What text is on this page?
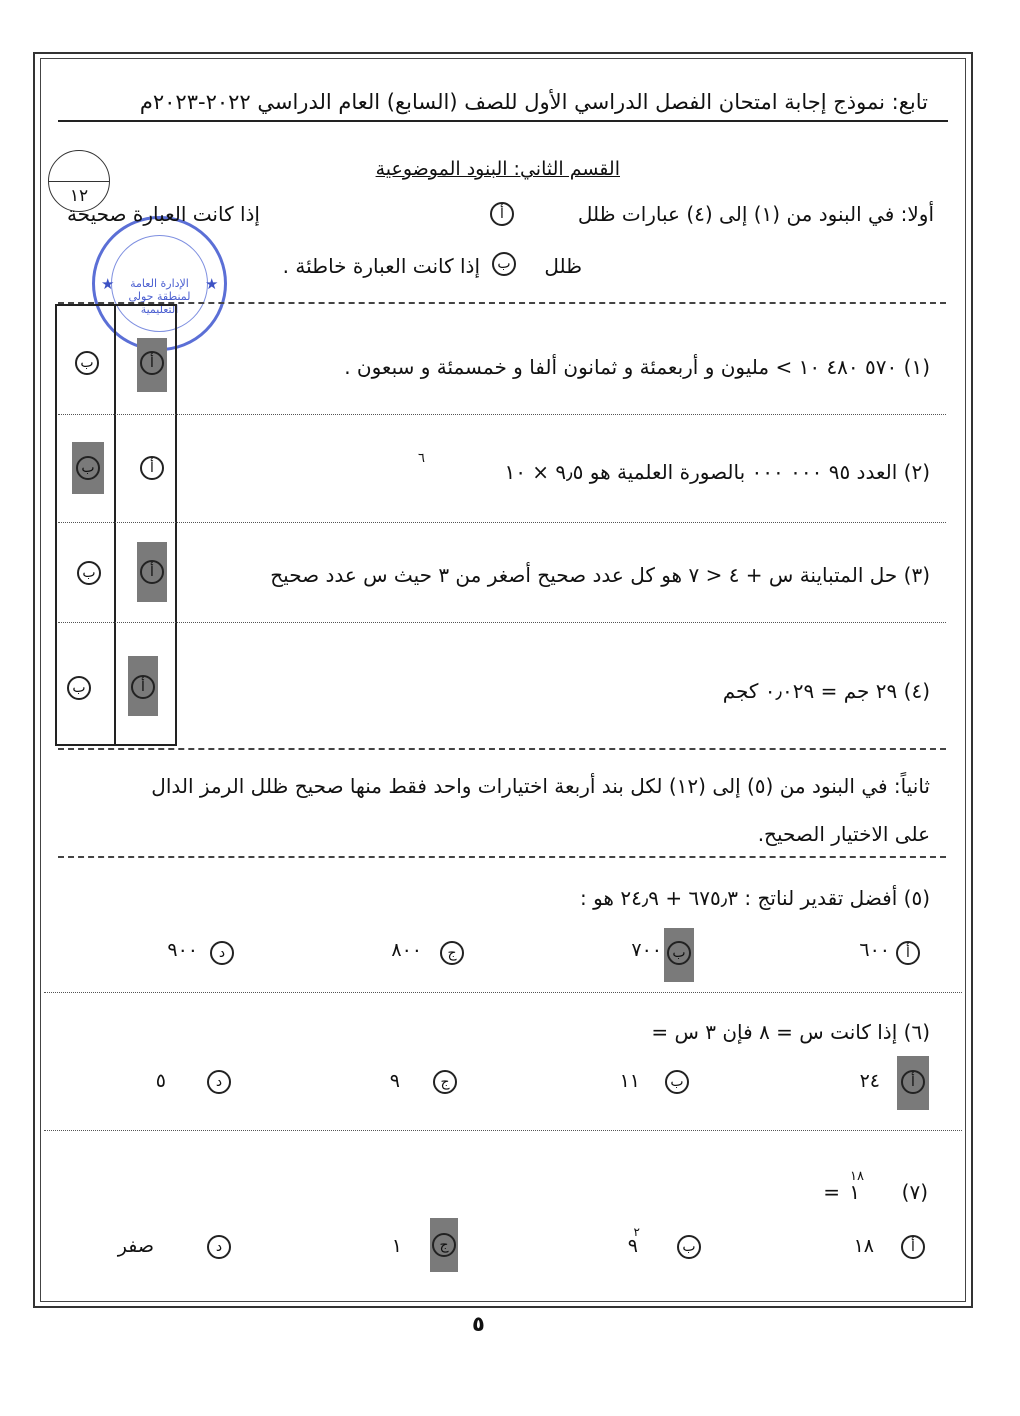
تابع: نموذج إجابة امتحان الفصل الدراسي الأول للصف (السابع) العام الدراسي ٢٠٢٢-٢٠٢٣م
١٢
★	★
الإدارة العامة لمنطقة حولي التعليمية
القسم الثاني: البنود الموضوعية
أولا: في البنود من (١) إلى (٤) عبارات ظلل
أ
إذا كانت العبارة صحيحة
ظلل
ب
إذا كانت العبارة خاطئة .
(١) ٥٧٠ ٤٨٠ ١٠ > مليون و أربعمئة و ثمانون ألفا و خمسمئة و سبعون .
ب	أ
(٢) العدد ٩٥ ٠٠٠ ٠٠٠ بالصورة العلمية هو ٩٫٥ × ١٠
٦
ب	أ
(٣) حل المتباينة س + ٤ < ٧ هو كل عدد صحيح أصغر من ٣ حيث س عدد صحيح
ب	أ
(٤) ٢٩ جم = ٠٫٠٢٩ كجم
ب	أ
ثانياً: في البنود من (٥) إلى (١٢) لكل بند أربعة اختيارات واحد فقط منها صحيح ظلل الرمز الدال
على الاختيار الصحيح.
(٥) أفضل تقدير لناتج : ٦٧٥٫٣ + ٢٤٫٩ هو :
أ
٦٠٠
ب
٧٠٠
ج
٨٠٠
د
٩٠٠
(٦) إذا كانت س = ٨ فإن ٣ س =
أ
٢٤
ب
١١
ج
٩
د
٥
(٧)
١
١٨
=
أ
١٨
ب
٩
٢
ج
١
د
صفر
٥
